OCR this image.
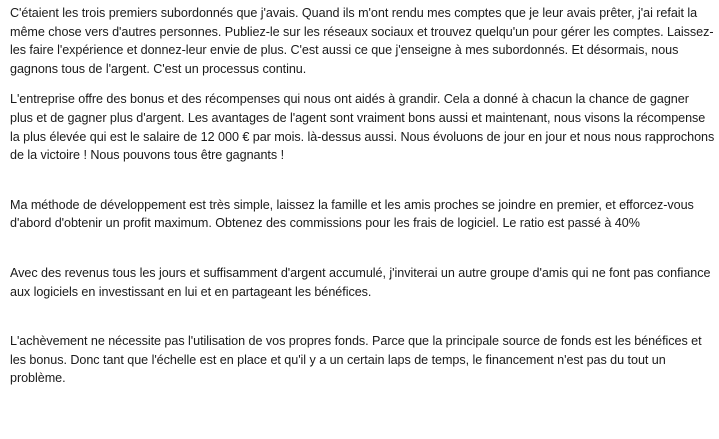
C'étaient les trois premiers subordonnés que j'avais. Quand ils m'ont rendu mes comptes que je leur avais prêter, j'ai refait la même chose vers d'autres personnes. Publiez-le sur les réseaux sociaux et trouvez quelqu'un pour gérer les comptes. Laissez-les faire l'expérience et donnez-leur envie de plus. C'est aussi ce que j'enseigne à mes subordonnés. Et désormais, nous gagnons tous de l'argent. C'est un processus continu.

L'entreprise offre des bonus et des récompenses qui nous ont aidés à grandir. Cela a donné à chacun la chance de gagner plus et de gagner plus d'argent. Les avantages de l'agent sont vraiment bons aussi et maintenant, nous visons la récompense la plus élevée qui est le salaire de 12 000 € par mois. là-dessus aussi. Nous évoluons de jour en jour et nous nous rapprochons de la victoire ! Nous pouvons tous être gagnants !

Ma méthode de développement est très simple, laissez la famille et les amis proches se joindre en premier, et efforcez-vous d'abord d'obtenir un profit maximum. Obtenez des commissions pour les frais de logiciel. Le ratio est passé à 40%

Avec des revenus tous les jours et suffisamment d'argent accumulé, j'inviterai un autre groupe d'amis qui ne font pas confiance aux logiciels en investissant en lui et en partageant les bénéfices.

L'achèvement ne nécessite pas l'utilisation de vos propres fonds. Parce que la principale source de fonds est les bénéfices et les bonus. Donc tant que l'échelle est en place et qu'il y a un certain laps de temps, le financement n'est pas du tout un problème.
